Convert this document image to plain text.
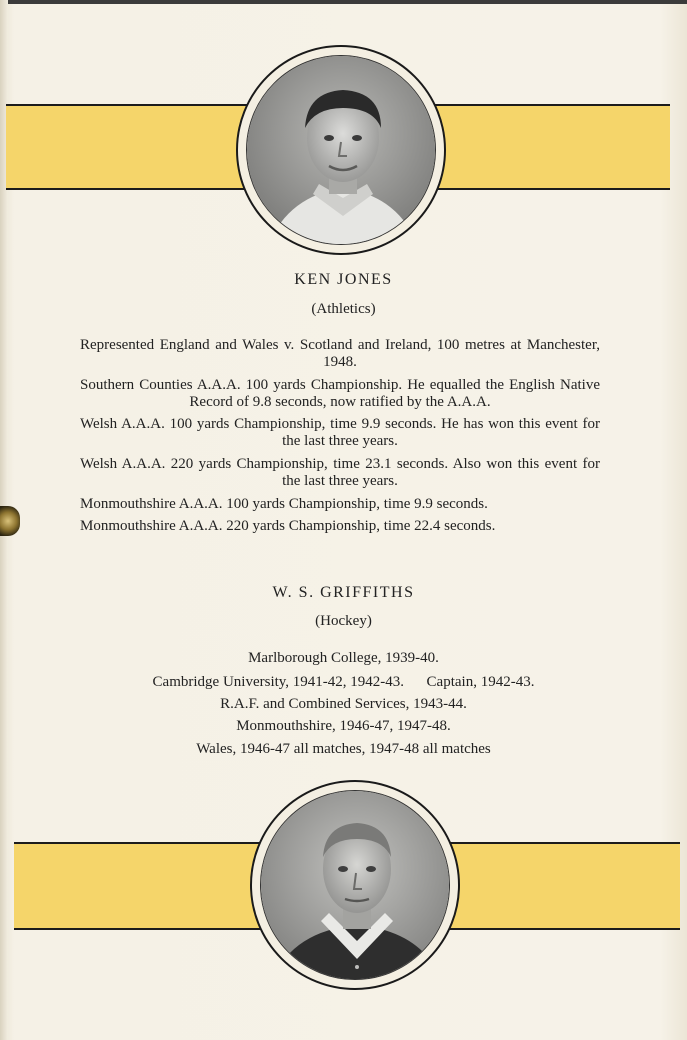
KEN JONES
(Athletics)
Represented England and Wales v. Scotland and Ireland, 100 metres at Manchester, 1948.
Southern Counties A.A.A. 100 yards Championship. He equalled the English Native Record of 9.8 seconds, now ratified by the A.A.A.
Welsh A.A.A. 100 yards Championship, time 9.9 seconds. He has won this event for the last three years.
Welsh A.A.A. 220 yards Championship, time 23.1 seconds. Also won this event for the last three years.
Monmouthshire A.A.A. 100 yards Championship, time 9.9 seconds.
Monmouthshire A.A.A. 220 yards Championship, time 22.4 seconds.
W. S. GRIFFITHS
(Hockey)
Marlborough College, 1939-40.
Cambridge University, 1941-42, 1942-43.      Captain, 1942-43.
R.A.F. and Combined Services, 1943-44.
Monmouthshire, 1946-47, 1947-48.
Wales, 1946-47 all matches, 1947-48 all matches
